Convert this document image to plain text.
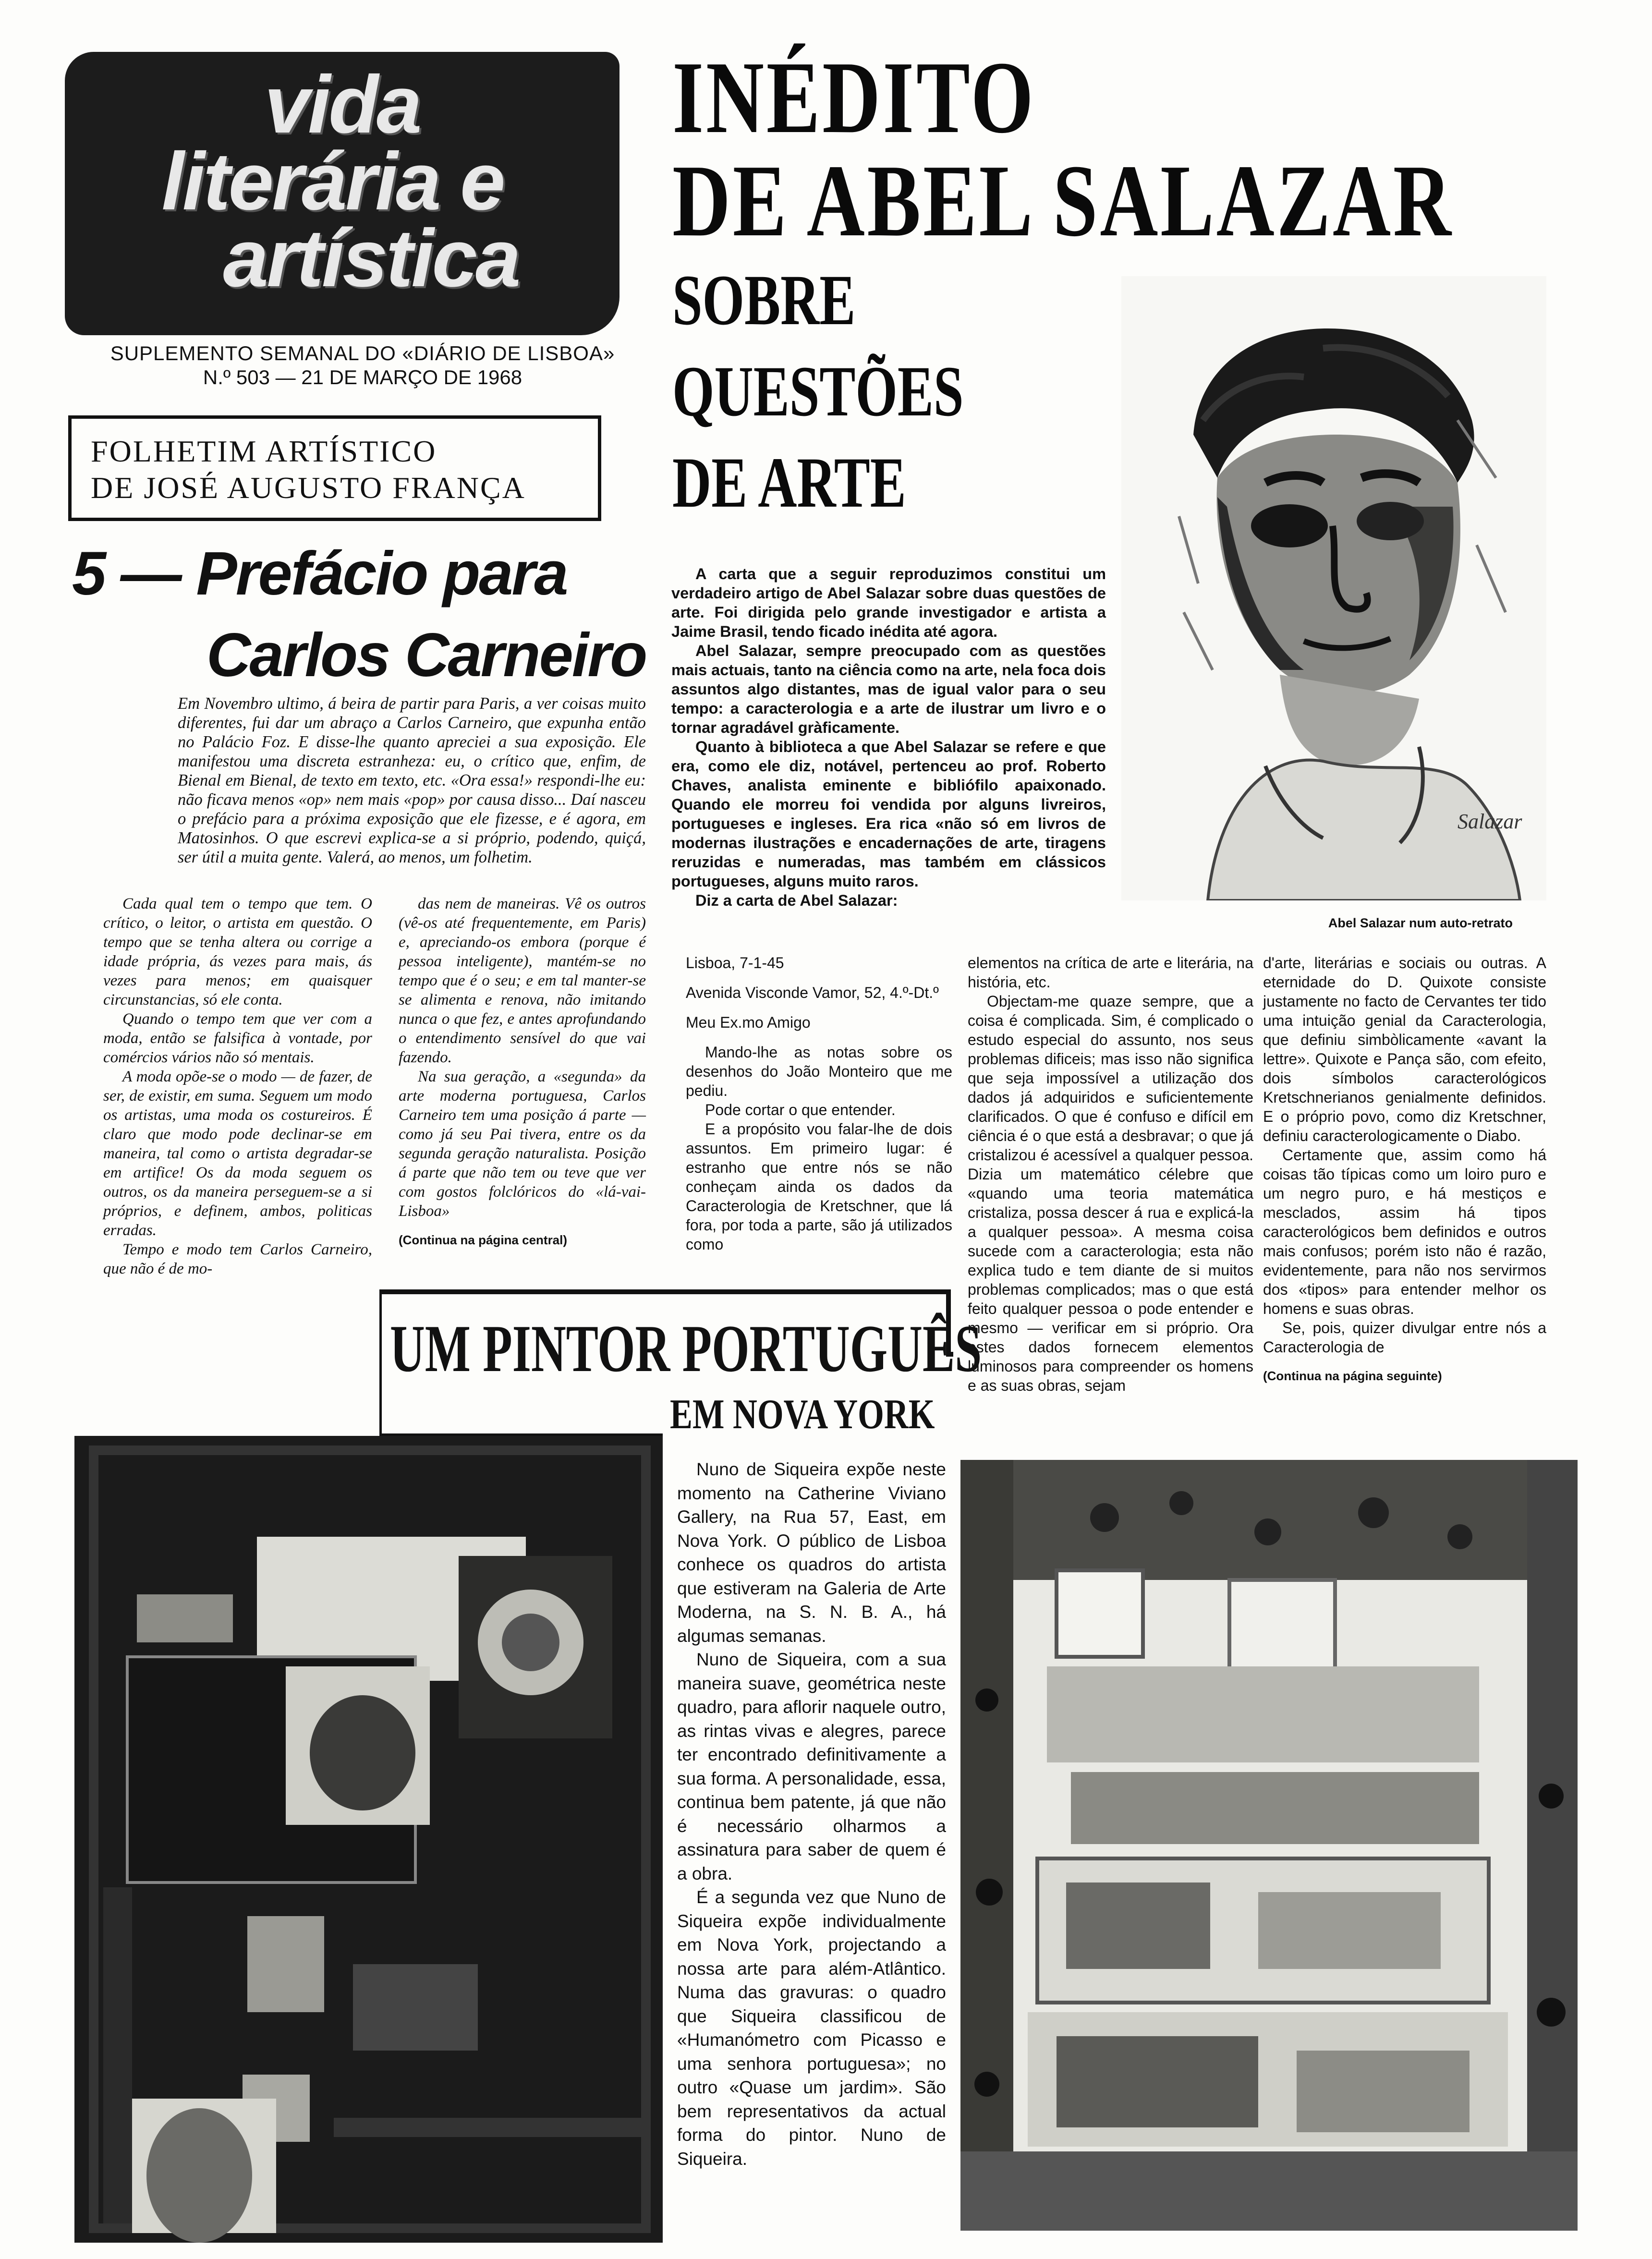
vida
literária e
artística
SUPLEMENTO SEMANAL DO «DIÁRIO DE LISBOA»
N.º 503 — 21 DE MARÇO DE 1968
FOLHETIM ARTÍSTICO
DE JOSÉ AUGUSTO FRANÇA
5 — Prefácio para
Carlos Carneiro
Em Novembro ultimo, á beira de partir para Paris, a ver coisas muito diferentes, fui dar um abraço a Carlos Carneiro, que expunha então no Palácio Foz. E disse-lhe quanto apreciei a sua exposição. Ele manifestou uma discreta estranheza: eu, o crítico que, enfim, de Bienal em Bienal, de texto em texto, etc. «Ora essa!» respondi-lhe eu: não ficava menos «op» nem mais «pop» por causa disso... Daí nasceu o prefácio para a próxima exposição que ele fizesse, e é agora, em Matosinhos. O que escrevi explica-se a si próprio, podendo, quiçá, ser útil a muita gente. Valerá, ao menos, um folhetim.

Cada qual tem o tempo que tem. O crítico, o leitor, o artista em questão. O tempo que se tenha altera ou corrige a idade própria, ás vezes para mais, ás vezes para menos; em quaisquer circunstancias, só ele conta.

Quando o tempo tem que ver com a moda, então se falsifica à vontade, por comércios vários não só mentais.

A moda opõe-se o modo — de fazer, de ser, de existir, em suma. Seguem um modo os artistas, uma moda os costureiros. É claro que modo pode declinar-se em maneira, tal como o artista degradar-se em artifice! Os da moda seguem os outros, os da maneira perseguem-se a si próprios, e definem, ambos, politicas erradas.

Tempo e modo tem Carlos Carneiro, que não é de mo-

das nem de maneiras. Vê os outros (vê-os até frequentemente, em Paris) e, apreciando-os embora (porque é pessoa inteligente), mantém-se no tempo que é o seu; e em tal manter-se se alimenta e renova, não imitando nunca o que fez, e antes aprofundando o entendimento sensível do que vai fazendo.

Na sua geração, a «segunda» da arte moderna portuguesa, Carlos Carneiro tem uma posição á parte — como já seu Pai tivera, entre os da segunda geração naturalista. Posição á parte que não tem ou teve que ver com gostos folclóricos do «lá-vai-Lisboa»

(Continua na página central)

INÉDITO
DE ABEL SALAZAR
SOBRE
QUESTÕES
DE ARTE
Salazar
Abel Salazar num auto-retrato

A carta que a seguir reproduzimos constitui um verdadeiro artigo de Abel Salazar sobre duas questões de arte. Foi dirigida pelo grande investigador e artista a Jaime Brasil, tendo ficado inédita até agora.

Abel Salazar, sempre preocupado com as questões mais actuais, tanto na ciência como na arte, nela foca dois assuntos algo distantes, mas de igual valor para o seu tempo: a caracterologia e a arte de ilustrar um livro e o tornar agradável gràficamente.

Quanto à biblioteca a que Abel Salazar se refere e que era, como ele diz, notável, pertenceu ao prof. Roberto Chaves, analista eminente e bibliófilo apaixonado. Quando ele morreu foi vendida por alguns livreiros, portugueses e ingleses. Era rica «não só em livros de modernas ilustrações e encadernações de arte, tiragens reruzidas e numeradas, mas também em clássicos portugueses, alguns muito raros.

Diz a carta de Abel Salazar:

Lisboa, 7-1-45

Avenida Visconde Vamor, 52, 4.º-Dt.º

Meu Ex.mo Amigo

Mando-lhe as notas sobre os desenhos do João Monteiro que me pediu.

Pode cortar o que entender.

E a propósito vou falar-lhe de dois assuntos. Em primeiro lugar: é estranho que entre nós se não conheçam ainda os dados da Caracterologia de Kretschner, que lá fora, por toda a parte, são já utilizados como

elementos na crítica de arte e literária, na história, etc.

Objectam-me quaze sempre, que a coisa é complicada. Sim, é complicado o estudo especial do assunto, nos seus problemas dificeis; mas isso não significa que seja impossível a utilização dos dados já adquiridos e suficientemente clarificados. O que é confuso e difícil em ciência é o que está a desbravar; o que já cristalizou é acessível a qualquer pessoa. Dizia um matemático célebre que «quando uma teoria matemática cristaliza, possa descer á rua e explicá-la a qualquer pessoa». A mesma coisa sucede com a caracterologia; esta não explica tudo e tem diante de si muitos problemas complicados; mas o que está feito qualquer pessoa o pode entender e mesmo — verificar em si próprio. Ora estes dados fornecem elementos luminosos para compreender os homens e as suas obras, sejam

d'arte, literárias e sociais ou outras. A eternidade do D. Quixote consiste justamente no facto de Cervantes ter tido uma intuição genial da Caracterologia, que definiu simbòlicamente «avant la lettre». Quixote e Pança são, com efeito, dois símbolos caracterológicos Kretschnerianos genialmente definidos. E o próprio povo, como diz Kretschner, definiu caracterologicamente o Diabo.

Certamente que, assim como há coisas tão típicas como um loiro puro e um negro puro, e há mestiços e mesclados, assim há tipos caracterológicos bem definidos e outros mais confusos; porém isto não é razão, evidentemente, para não nos servirmos dos «tipos» para entender melhor os homens e suas obras.

Se, pois, quizer divulgar entre nós a Caracterologia de

(Continua na página seguinte)

UM PINTOR PORTUGUÊS
EM NOVA YORK

Nuno de Siqueira expõe neste momento na Catherine Viviano Gallery, na Rua 57, East, em Nova York. O público de Lisboa conhece os quadros do artista que estiveram na Galeria de Arte Moderna, na S. N. B. A., há algumas semanas.

Nuno de Siqueira, com a sua maneira suave, geométrica neste quadro, para aflorir naquele outro, as rintas vivas e alegres, parece ter encontrado definitivamente a sua forma. A personalidade, essa, continua bem patente, já que não é necessário olharmos a assinatura para saber de quem é a obra.

É a segunda vez que Nuno de Siqueira expõe individualmente em Nova York, projectando a nossa arte para além-Atlântico. Numa das gravuras: o quadro que Siqueira classificou de «Humanómetro com Picasso e uma senhora portuguesa»; no outro «Quase um jardim». São bem representativos da actual forma do pintor. Nuno de Siqueira.
